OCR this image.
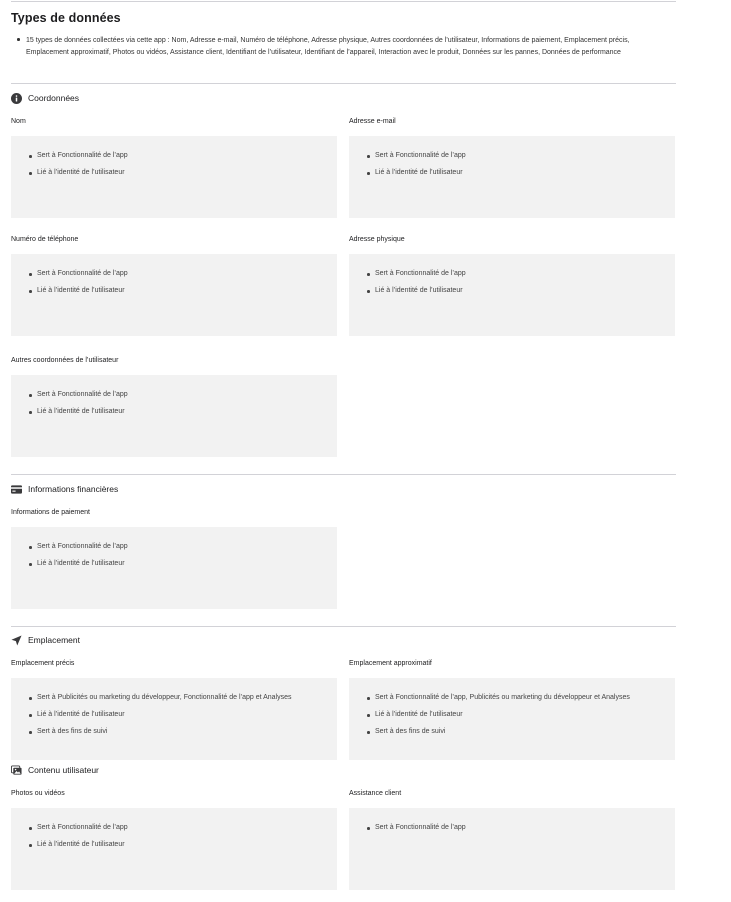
Types de données

15 types de données collectées via cette app : Nom, Adresse e-mail, Numéro de téléphone, Adresse physique, Autres coordonnées de l’utilisateur, Informations de paiement, Emplacement précis, Emplacement approximatif, Photos ou vidéos, Assistance client, Identifiant de l’utilisateur, Identifiant de l’appareil, Interaction avec le produit, Données sur les pannes, Données de performance

Coordonnées
Nom
Sert à Fonctionnalité de l’app
Lié à l’identité de l’utilisateur
Adresse e-mail
Sert à Fonctionnalité de l’app
Lié à l’identité de l’utilisateur
Numéro de téléphone
Sert à Fonctionnalité de l’app
Lié à l’identité de l’utilisateur
Adresse physique
Sert à Fonctionnalité de l’app
Lié à l’identité de l’utilisateur
Autres coordonnées de l’utilisateur
Sert à Fonctionnalité de l’app
Lié à l’identité de l’utilisateur
Informations financières
Informations de paiement
Sert à Fonctionnalité de l’app
Lié à l’identité de l’utilisateur
Emplacement
Emplacement précis
Sert à Publicités ou marketing du développeur, Fonctionnalité de l’app et Analyses
Lié à l’identité de l’utilisateur
Sert à des fins de suivi
Emplacement approximatif
Sert à Fonctionnalité de l’app, Publicités ou marketing du développeur et Analyses
Lié à l’identité de l’utilisateur
Sert à des fins de suivi
Contenu utilisateur
Photos ou vidéos
Sert à Fonctionnalité de l’app
Lié à l’identité de l’utilisateur
Assistance client
Sert à Fonctionnalité de l’app
